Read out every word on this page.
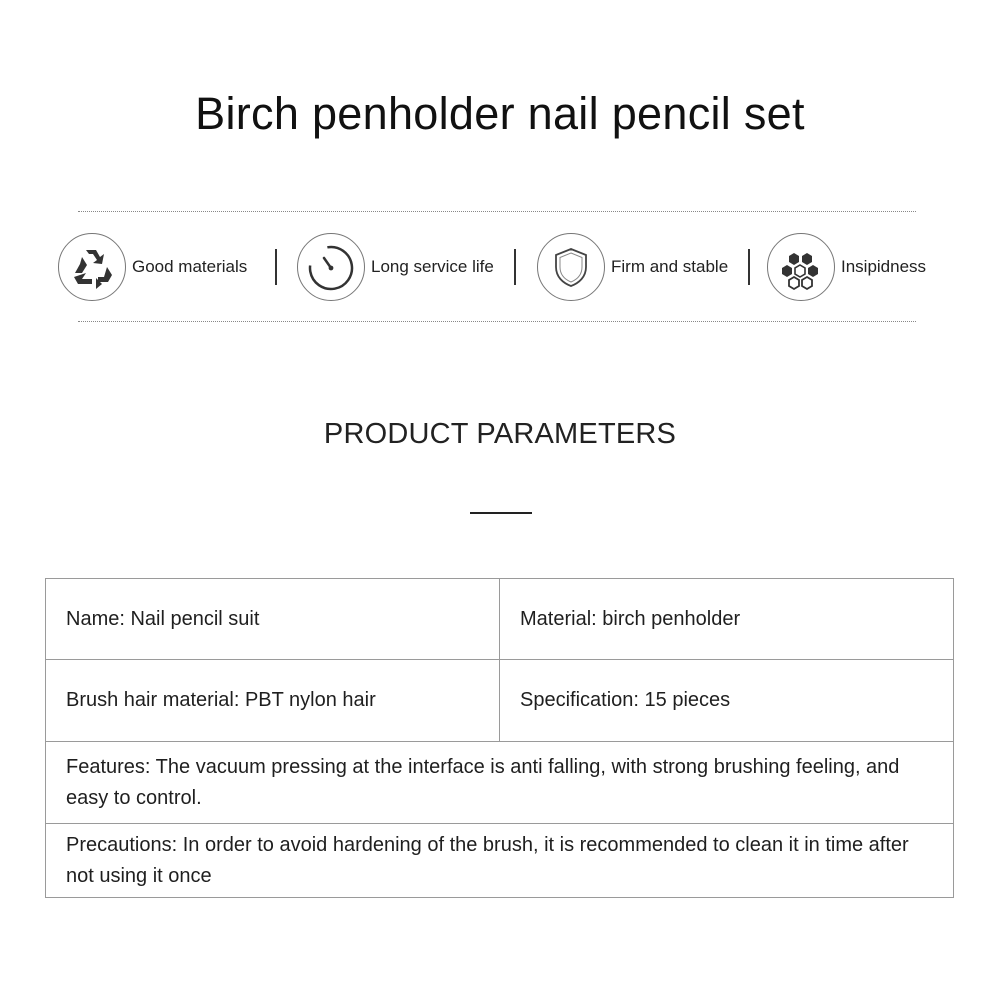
Birch penholder nail pencil set
Good materials	Long service life	Firm and stable	Insipidness
PRODUCT PARAMETERS
Name: Nail pencil suit	Material: birch penholder
Brush hair material: PBT nylon hair	Specification: 15 pieces
Features: The vacuum pressing at the interface is anti falling, with strong brushing feeling, and easy to control.	
Precautions: In order to avoid hardening of the brush, it is recommended to clean it in time after not using it once	
